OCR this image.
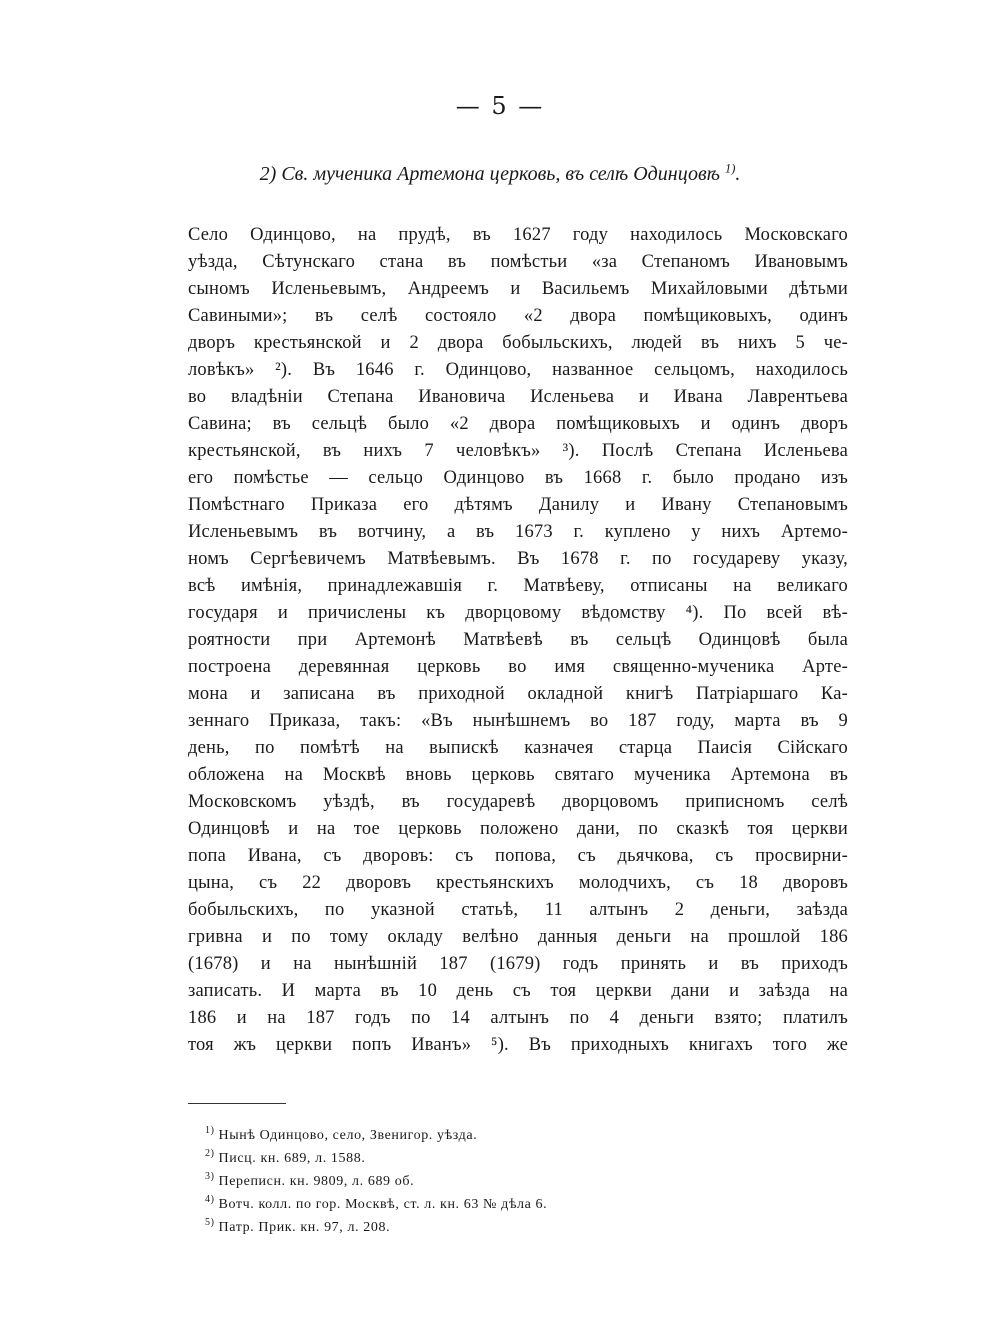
— 5 —
2) Св. мученика Артемона церковь, въ селѣ Одинцовѣ $^{1)}$.
Село Одинцово, на прудѣ, въ 1627 году находилось Московскаго
уѣзда, Сѣтунскаго стана въ помѣстьи «за Степаномъ Ивановымъ
сыномъ Исленьевымъ, Андреемъ и Васильемъ Михайловыми дѣтьми
Савиными»; въ селѣ состояло «2 двора помѣщиковыхъ, одинъ
дворъ крестьянской и 2 двора бобыльскихъ, людей въ нихъ 5 че-
ловѣкъ» ²). Въ 1646 г. Одинцово, названное сельцомъ, находилось
во владѣніи Степана Ивановича Исленьева и Ивана Лаврентьева
Савина; въ сельцѣ было «2 двора помѣщиковыхъ и одинъ дворъ
крестьянской, въ нихъ 7 человѣкъ» ³). Послѣ Степана Исленьева
его помѣстье — сельцо Одинцово въ 1668 г. было продано изъ
Помѣстнаго Приказа его дѣтямъ Данилу и Ивану Степановымъ
Исленьевымъ въ вотчину, а въ 1673 г. куплено у нихъ Артемо-
номъ Сергѣевичемъ Матвѣевымъ. Въ 1678 г. по государеву указу,
всѣ имѣнія, принадлежавшія г. Матвѣеву, отписаны на великаго
государя и причислены къ дворцовому вѣдомству ⁴). По всей вѣ-
роятности при Артемонѣ Матвѣевѣ въ сельцѣ Одинцовѣ была
построена деревянная церковь во имя священно-мученика Арте-
мона и записана въ приходной окладной книгѣ Патріаршаго Ка-
зеннаго Приказа, такъ: «Въ нынѣшнемъ во 187 году, марта въ 9
день, по помѣтѣ на выпискѣ казначея старца Паисія Сійскаго
обложена на Москвѣ вновь церковь святаго мученика Артемона въ
Московскомъ уѣздѣ, въ государевѣ дворцовомъ приписномъ селѣ
Одинцовѣ и на тое церковь положено дани, по сказкѣ тоя церкви
попа Ивана, съ дворовъ: съ попова, съ дьячкова, съ просвирни-
цына, съ 22 дворовъ крестьянскихъ молодчихъ, съ 18 дворовъ
бобыльскихъ, по указной статьѣ, 11 алтынъ 2 деньги, заѣзда
гривна и по тому окладу велѣно данныя деньги на прошлой 186
(1678) и на нынѣшній 187 (1679) годъ принять и въ приходъ
записать. И марта въ 10 день съ тоя церкви дани и заѣзда на
186 и на 187 годъ по 14 алтынъ по 4 деньги взято; платилъ
тоя жъ церкви попъ Иванъ» ⁵). Въ приходныхъ книгахъ того же
$^{1)}$ Нынѣ Одинцово, село, Звенигор. уѣзда.
$^{2)}$ Писц. кн. 689, л. 1588.
$^{3)}$ Переписн. кн. 9809, л. 689 об.
$^{4)}$ Вотч. колл. по гор. Москвѣ, ст. л. кн. 63 № дѣла 6.
$^{5)}$ Патр. Прик. кн. 97, л. 208.
